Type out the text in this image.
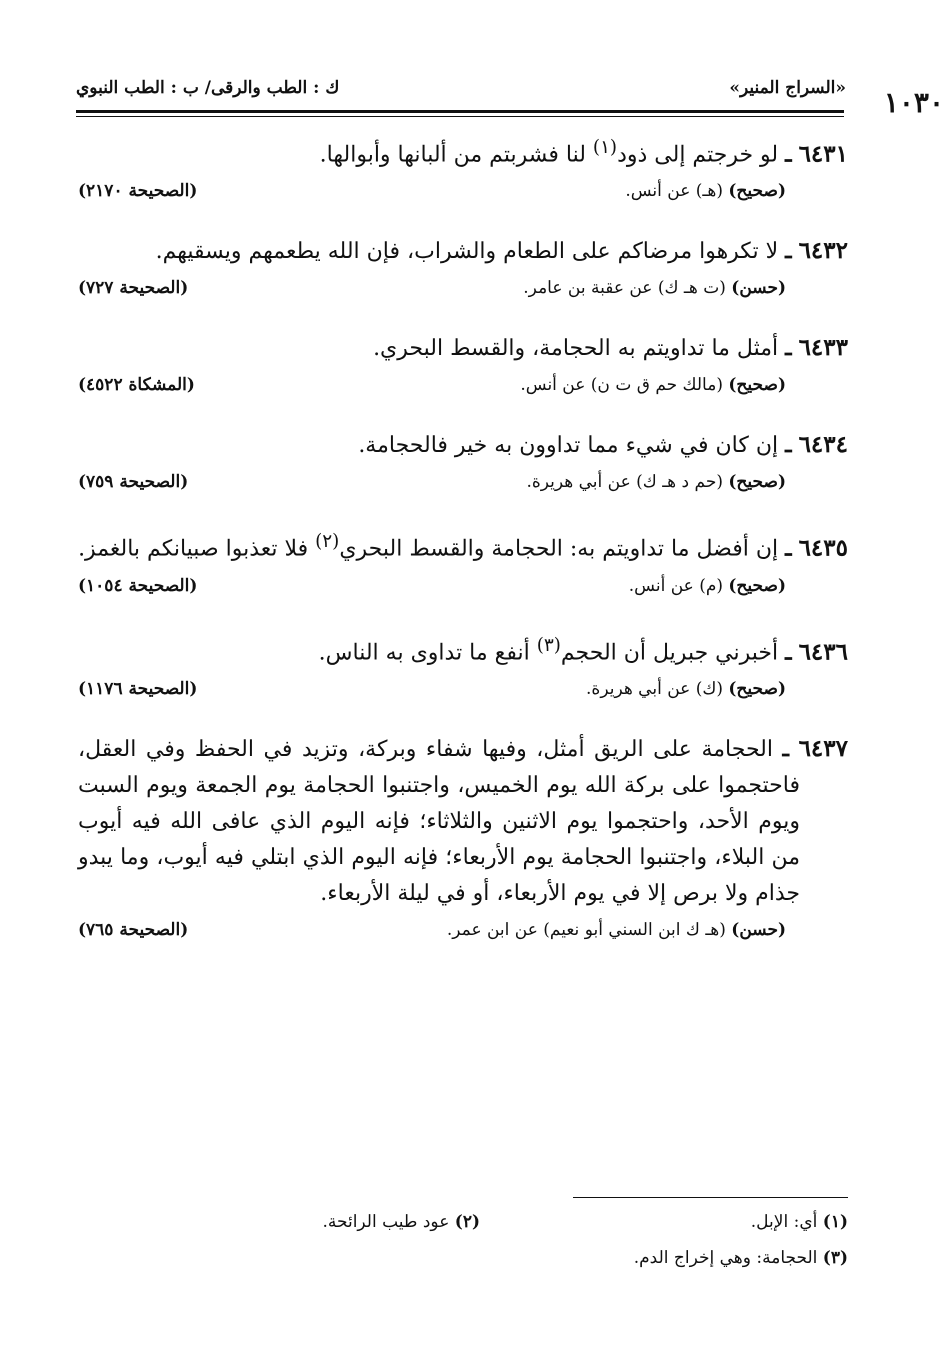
١٠٣٠
«السراج المنير»
ك : الطب والرقى/ ب : الطب النبوي
٦٤٣١ ـ لو خرجتم إلى ذود$^{(١)}$ لنا فشربتم من ألبانها وأبوالها.
(صحيح) (هـ) عن أنس.
(الصحيحة ٢١٧٠)
٦٤٣٢ ـ لا تكرهوا مرضاكم على الطعام والشراب، فإن الله يطعمهم ويسقيهم.
(حسن) (ت هـ ك) عن عقبة بن عامر.
(الصحيحة ٧٢٧)
٦٤٣٣ ـ أمثل ما تداويتم به الحجامة، والقسط البحري.
(صحيح) (مالك حم ق ت ن) عن أنس.
(المشكاة ٤٥٢٢)
٦٤٣٤ ـ إن كان في شيء مما تداوون به خير فالحجامة.
(صحيح) (حم د هـ ك) عن أبي هريرة.
(الصحيحة ٧٥٩)
٦٤٣٥ ـ إن أفضل ما تداويتم به: الحجامة والقسط البحري$^{(٢)}$ فلا تعذبوا صبيانكم بالغمز.
(صحيح) (م) عن أنس.
(الصحيحة ١٠٥٤)
٦٤٣٦ ـ أخبرني جبريل أن الحجم$^{(٣)}$ أنفع ما تداوى به الناس.
(صحيح) (ك) عن أبي هريرة.
(الصحيحة ١١٧٦)
٦٤٣٧ ـ الحجامة على الريق أمثل، وفيها شفاء وبركة، وتزيد في الحفظ وفي العقل، فاحتجموا على بركة الله يوم الخميس، واجتنبوا الحجامة يوم الجمعة ويوم السبت ويوم الأحد، واحتجموا يوم الاثنين والثلاثاء؛ فإنه اليوم الذي عافى الله فيه أيوب من البلاء، واجتنبوا الحجامة يوم الأربعاء؛ فإنه اليوم الذي ابتلي فيه أيوب، وما يبدو جذام ولا برص إلا في يوم الأربعاء، أو في ليلة الأربعاء.
(حسن) (هـ ك ابن السني أبو نعيم) عن ابن عمر.
(الصحيحة ٧٦٥)
(١) أي: الإبل.
(٢) عود طيب الرائحة.
(٣) الحجامة: وهي إخراج الدم.
